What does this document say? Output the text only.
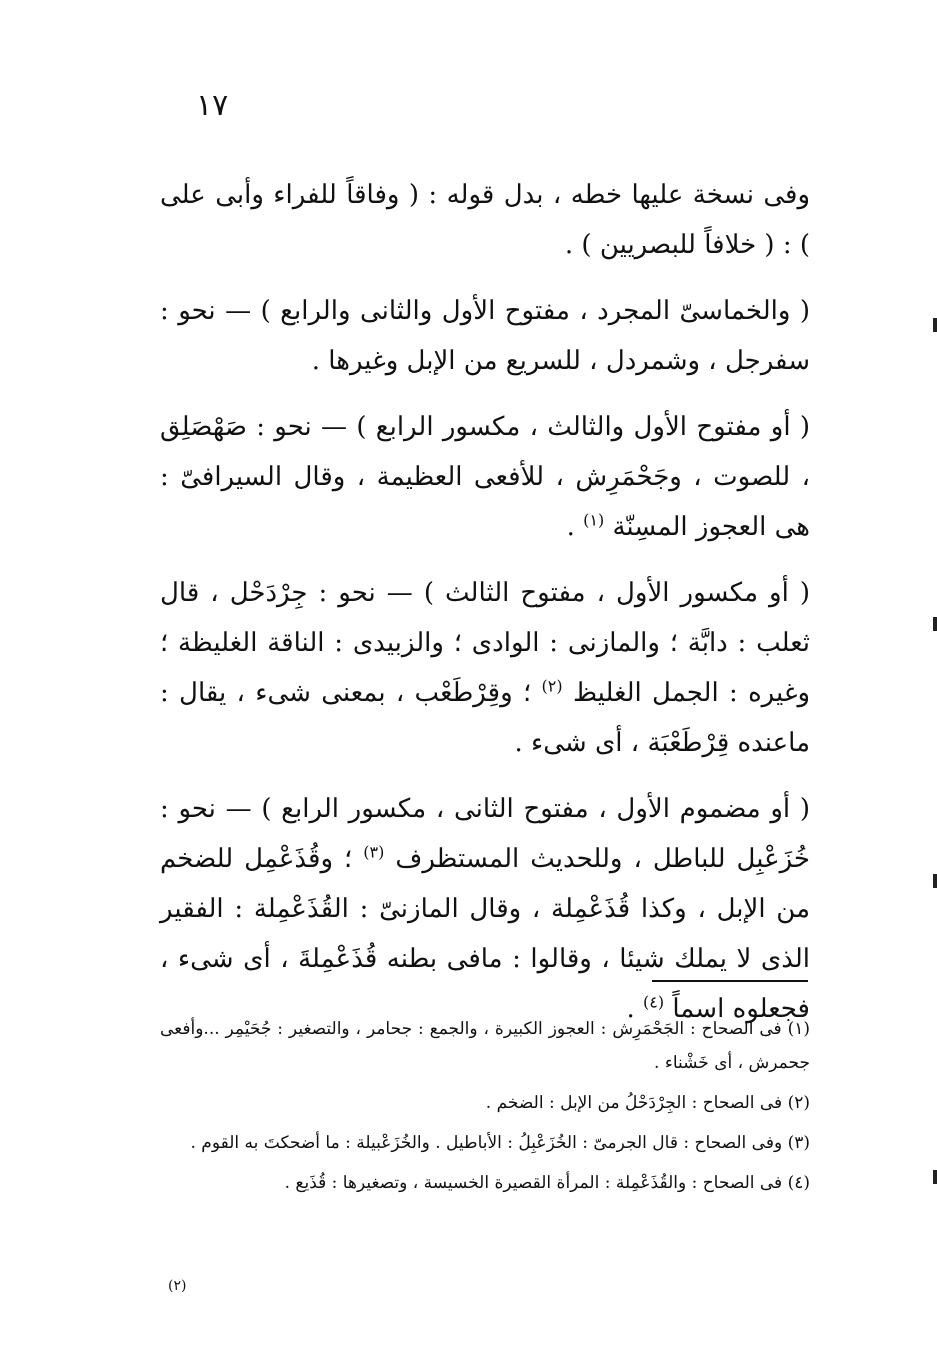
١٧

وفى نسخة عليها خطه ، بدل قوله : ( وفاقاً للفراء وأبى على ) : ( خلافاً للبصريين ) .

( والخماسىّ المجرد ، مفتوح الأول والثانى والرابع ) — نحو : سفرجل ، وشمردل ، للسريع من الإبل وغيرها .

( أو مفتوح الأول والثالث ، مكسور الرابع ) — نحو : صَهْصَلِق ، للصوت ، وجَحْمَرِش ، للأفعى العظيمة ، وقال السيرافىّ : هى العجوز المسِنّة $^{(١)}$ .

( أو مكسور الأول ، مفتوح الثالث ) — نحو : جِرْدَحْل ، قال ثعلب : دابَّة ؛ والمازنى : الوادى ؛ والزبيدى : الناقة الغليظة ؛ وغيره : الجمل الغليظ $^{(٢)}$ ؛ وقِرْطَعْب ، بمعنى شىء ، يقال : ماعنده قِرْطَعْبَة ، أى شىء .

( أو مضموم الأول ، مفتوح الثانى ، مكسور الرابع ) — نحو : خُزَعْبِل للباطل ، وللحديث المستظرف $^{(٣)}$ ؛ وقُذَعْمِل للضخم من الإبل ، وكذا قُذَعْمِلة ، وقال المازنىّ : القُذَعْمِلة : الفقير الذى لا يملك شيئا ، وقالوا : مافى بطنه قُذَعْمِلةَ ، أى شىء ، فجعلوه اسماً $^{(٤)}$ .

(١) فى الصحاح : الجَحْمَرِش : العجوز الكبيرة ، والجمع : جحامر ، والتصغير : جُحَيْمِر ...وأفعى جحمرش ، أى خَشْناء .

(٢) فى الصحاح : الجِرْدَحْلُ من الإبل : الضخم .

(٣) وفى الصحاح : قال الجرمىّ : الخُزَعْبِلُ : الأباطيل . والخُزَعْبيلة : ما أضحكتَ به القوم .

(٤) فى الصحاح : والقُذَعْمِلة : المرأة القصيرة الخسيسة ، وتصغيرها : قُذَيع .

(٢)
